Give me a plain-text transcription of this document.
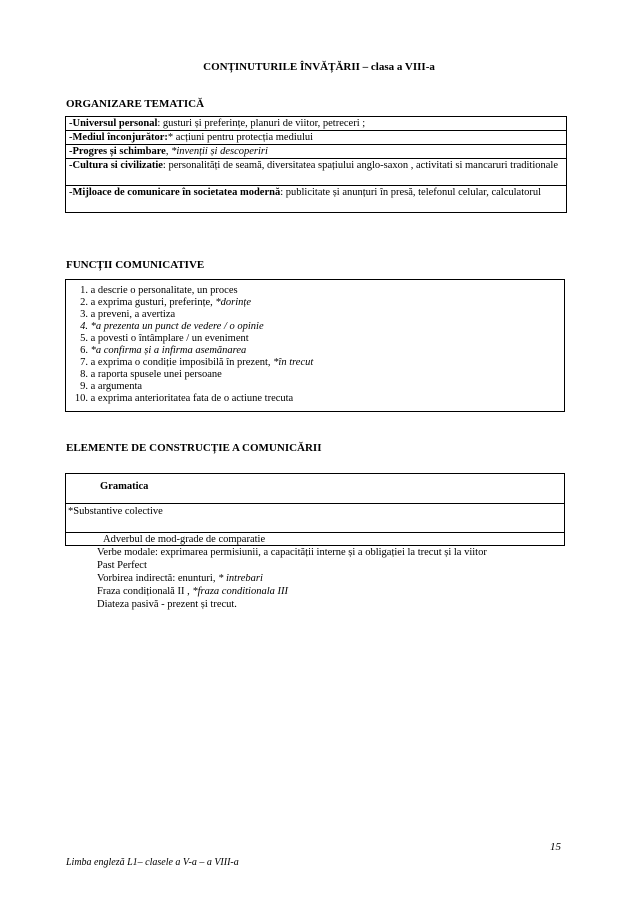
CONȚINUTURILE ÎNVĂȚĂRII – clasa a VIII-a
ORGANIZARE TEMATICĂ
-Universul personal: gusturi și preferințe, planuri de viitor, petreceri ;
-Mediul înconjurător:* acțiuni pentru protecția mediului
-Progres și schimbare, *invenții și descoperiri
-Cultura si civilizatie: personalități de seamă, diversitatea spațiului anglo-saxon , activitati si mancaruri traditionale
-Mijloace de comunicare în societatea modernă: publicitate și anunțuri în presă, telefonul celular, calculatorul
FUNCȚII COMUNICATIVE
1. a descrie o personalitate, un proces
2. a exprima gusturi, preferințe, *dorințe
3. a preveni, a avertiza
4. *a prezenta un punct de vedere / o opinie
5. a povesti o întâmplare / un eveniment
6. *a confirma și a infirma asemănarea
7. a exprima o condiție imposibilă în prezent, *în trecut
8. a raporta spusele unei persoane
9. a argumenta
10. a exprima anterioritatea fata de o actiune trecuta
ELEMENTE DE CONSTRUCȚIE A COMUNICĂRII
Gramatica
*Substantive colective
Adverbul de mod-grade de comparatie
Verbe modale: exprimarea permisiunii, a capacității interne și a obligației la trecut și la viitor
Past Perfect
Vorbirea indirectă: enunturi, * intrebari
Fraza condițională II , *fraza conditionala III
Diateza pasivă - prezent și trecut.
15
Limba engleză L1– clasele a V-a – a VIII-a
